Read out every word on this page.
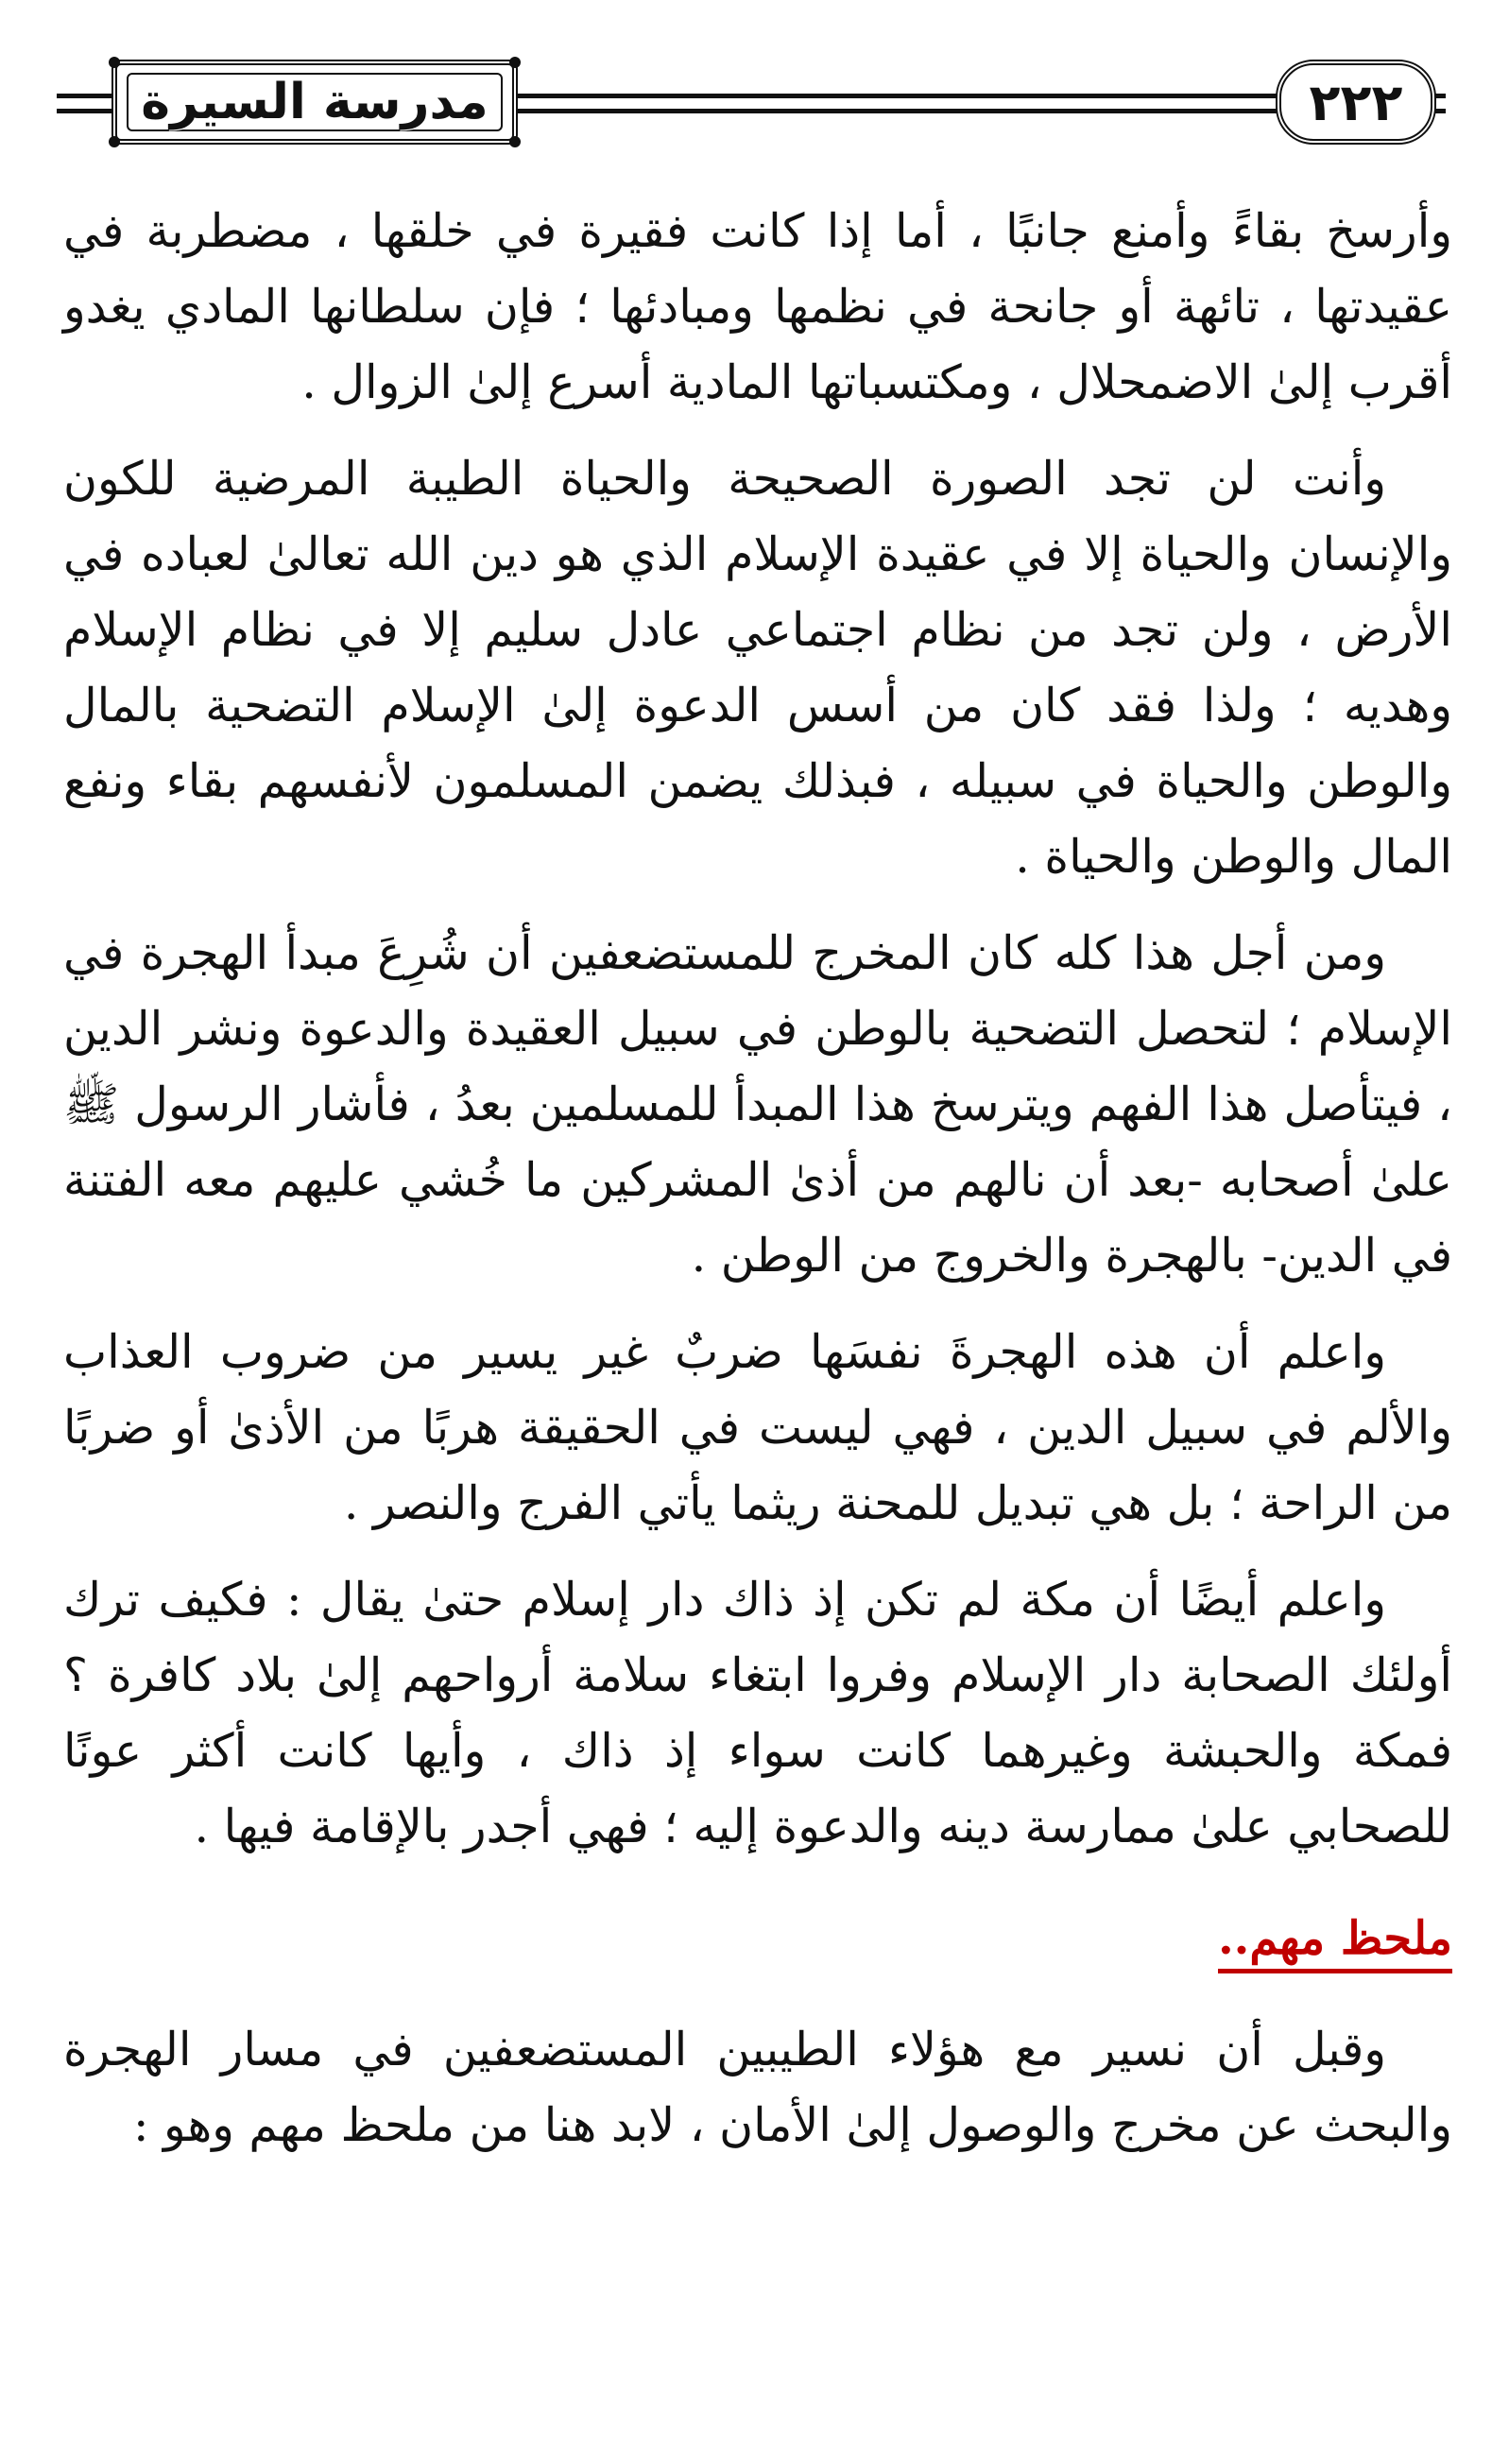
مدرسة السيرة	٢٢٢

وأرسخ بقاءً وأمنع جانبًا ، أما إذا كانت فقيرة في خلقها ، مضطربة في عقيدتها ، تائهة أو جانحة في نظمها ومبادئها ؛ فإن سلطانها المادي يغدو أقرب إلىٰ الاضمحلال ، ومكتسباتها المادية أسرع إلىٰ الزوال .

وأنت لن تجد الصورة الصحيحة والحياة الطيبة المرضية للكون والإنسان والحياة إلا في عقيدة الإسلام الذي هو دين الله تعالىٰ لعباده في الأرض ، ولن تجد من نظام اجتماعي عادل سليم إلا في نظام الإسلام وهديه ؛ ولذا فقد كان من أسس الدعوة إلىٰ الإسلام التضحية بالمال والوطن والحياة في سبيله ، فبذلك يضمن المسلمون لأنفسهم بقاء ونفع المال والوطن والحياة .

ومن أجل هذا كله كان المخرج للمستضعفين أن شُرِعَ مبدأ الهجرة في الإسلام ؛ لتحصل التضحية بالوطن في سبيل العقيدة والدعوة ونشر الدين ، فيتأصل هذا الفهم ويترسخ هذا المبدأ للمسلمين بعدُ ، فأشار الرسول ﷺ علىٰ أصحابه -بعد أن نالهم من أذىٰ المشركين ما خُشي عليهم معه الفتنة في الدين- بالهجرة والخروج من الوطن .

واعلم أن هذه الهجرةَ نفسَها ضربٌ غير يسير من ضروب العذاب والألم في سبيل الدين ، فهي ليست في الحقيقة هربًا من الأذىٰ أو ضربًا من الراحة ؛ بل هي تبديل للمحنة ريثما يأتي الفرج والنصر .

واعلم أيضًا أن مكة لم تكن إذ ذاك دار إسلام حتىٰ يقال : فكيف ترك أولئك الصحابة دار الإسلام وفروا ابتغاء سلامة أرواحهم إلىٰ بلاد كافرة ؟ فمكة والحبشة وغيرهما كانت سواء إذ ذاك ، وأيها كانت أكثر عونًا للصحابي علىٰ ممارسة دينه والدعوة إليه ؛ فهي أجدر بالإقامة فيها .

ملحظ مهم..

وقبل أن نسير مع هؤلاء الطيبين المستضعفين في مسار الهجرة والبحث عن مخرج والوصول إلىٰ الأمان ، لابد هنا من ملحظ مهم وهو :
